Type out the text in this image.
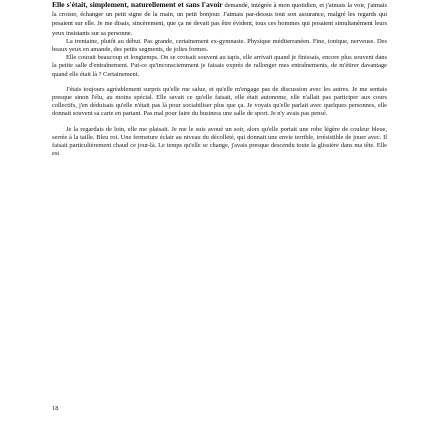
Elle s'était, simplement, naturellement et sans l'avoir demandé, intégrée à mon quotidien, et j'aimais la voir, j'aimais la croiser, échanger un petit signe de la main, un petit bonjour. J'aimais par-dessus tout son assurance, malgré les regards qui pesaient sur elle. Je me disais, sincèrement, que ça ne devait pas être évident, tous ces hommes qui posaient simultanément leurs yeux insistants sur sa personne.

La trentaine, plutôt au début. Pas grande, certainement ex-gymnaste. Physique méditerranéen. Fine, tonique, nerveuse. Des beaux yeux en amande, des petits segments, de jolies formes.

Elle courait beaucoup et longtemps. On se croisait souvent au tapis, elle arrivait quand je finissais, encore plus souvent dans la petite salle d'entraînement. Fut-ce qu'inconsciemment je faisais exprès de rallonger mes entraînements, de m'étirer davantage quand elle était là ? Certainement.

J'étais toujours agréablement surpris qu'elle me salue, et qu'elle m'engage pas de discussion avec les autres. Je me sentais presque sinon l'élu, au moins spécial. Elle savait ce qu'elle faisait, elle était autonome, elle n'allait pas participer aux cours collectifs, j'en déduisais qu'elle n'était pas là pour sociabiliser plus que ça. Je voyais qu'elle parlait avec quelques personnes, elle donnait souvent sa carte en partant. Pas mal pour faire du business une salle de sport. Je n'y avais pas pensé.

Je la regardais de loin, elle me plaisait. Je me le suis avoué un soir, alors qu'elle portait une robe légère de couleur bleue, serrée à la taille. Bleu roi. Une fermeture éclair au niveau du décolleté, qui donnait une envie terrible, irrésistible de jouer avec. Il faisait particulièrement chaud ce jour-là. Le temps qu'elle se change, j'avais presque descendu toute la glissière dans ma tête. Elle est

18
